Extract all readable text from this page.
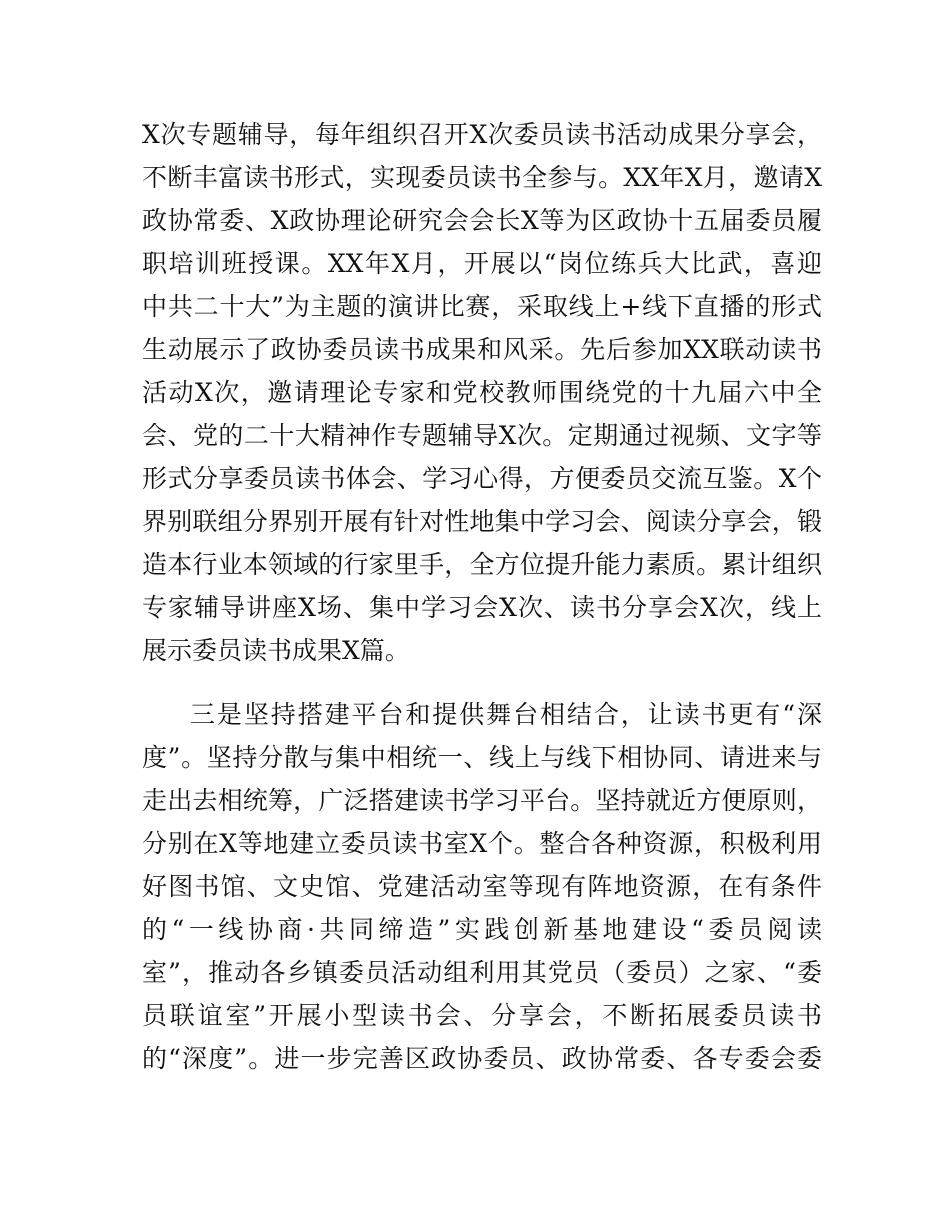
X次专题辅导，每年组织召开X次委员读书活动成果分享会，
不断丰富读书形式，实现委员读书全参与。XX年X月，邀请X
政协常委、X政协理论研究会会长X等为区政协十五届委员履
职培训班授课。XX年X月，开展以“岗位练兵大比武，喜迎
中共二十大”为主题的演讲比赛，采取线上+线下直播的形式
生动展示了政协委员读书成果和风采。先后参加XX联动读书
活动X次，邀请理论专家和党校教师围绕党的十九届六中全
会、党的二十大精神作专题辅导X次。定期通过视频、文字等
形式分享委员读书体会、学习心得，方便委员交流互鉴。X个
界别联组分界别开展有针对性地集中学习会、阅读分享会，锻
造本行业本领域的行家里手，全方位提升能力素质。累计组织
专家辅导讲座X场、集中学习会X次、读书分享会X次，线上
展示委员读书成果X篇。
三是坚持搭建平台和提供舞台相结合，让读书更有“深
度”。坚持分散与集中相统一、线上与线下相协同、请进来与
走出去相统筹，广泛搭建读书学习平台。坚持就近方便原则，
分别在X等地建立委员读书室X个。整合各种资源，积极利用
好图书馆、文史馆、党建活动室等现有阵地资源，在有条件
的“一线协商·共同缔造”实践创新基地建设“委员阅读
室”，推动各乡镇委员活动组利用其党员（委员）之家、“委
员联谊室”开展小型读书会、分享会，不断拓展委员读书
的“深度”。进一步完善区政协委员、政协常委、各专委会委
